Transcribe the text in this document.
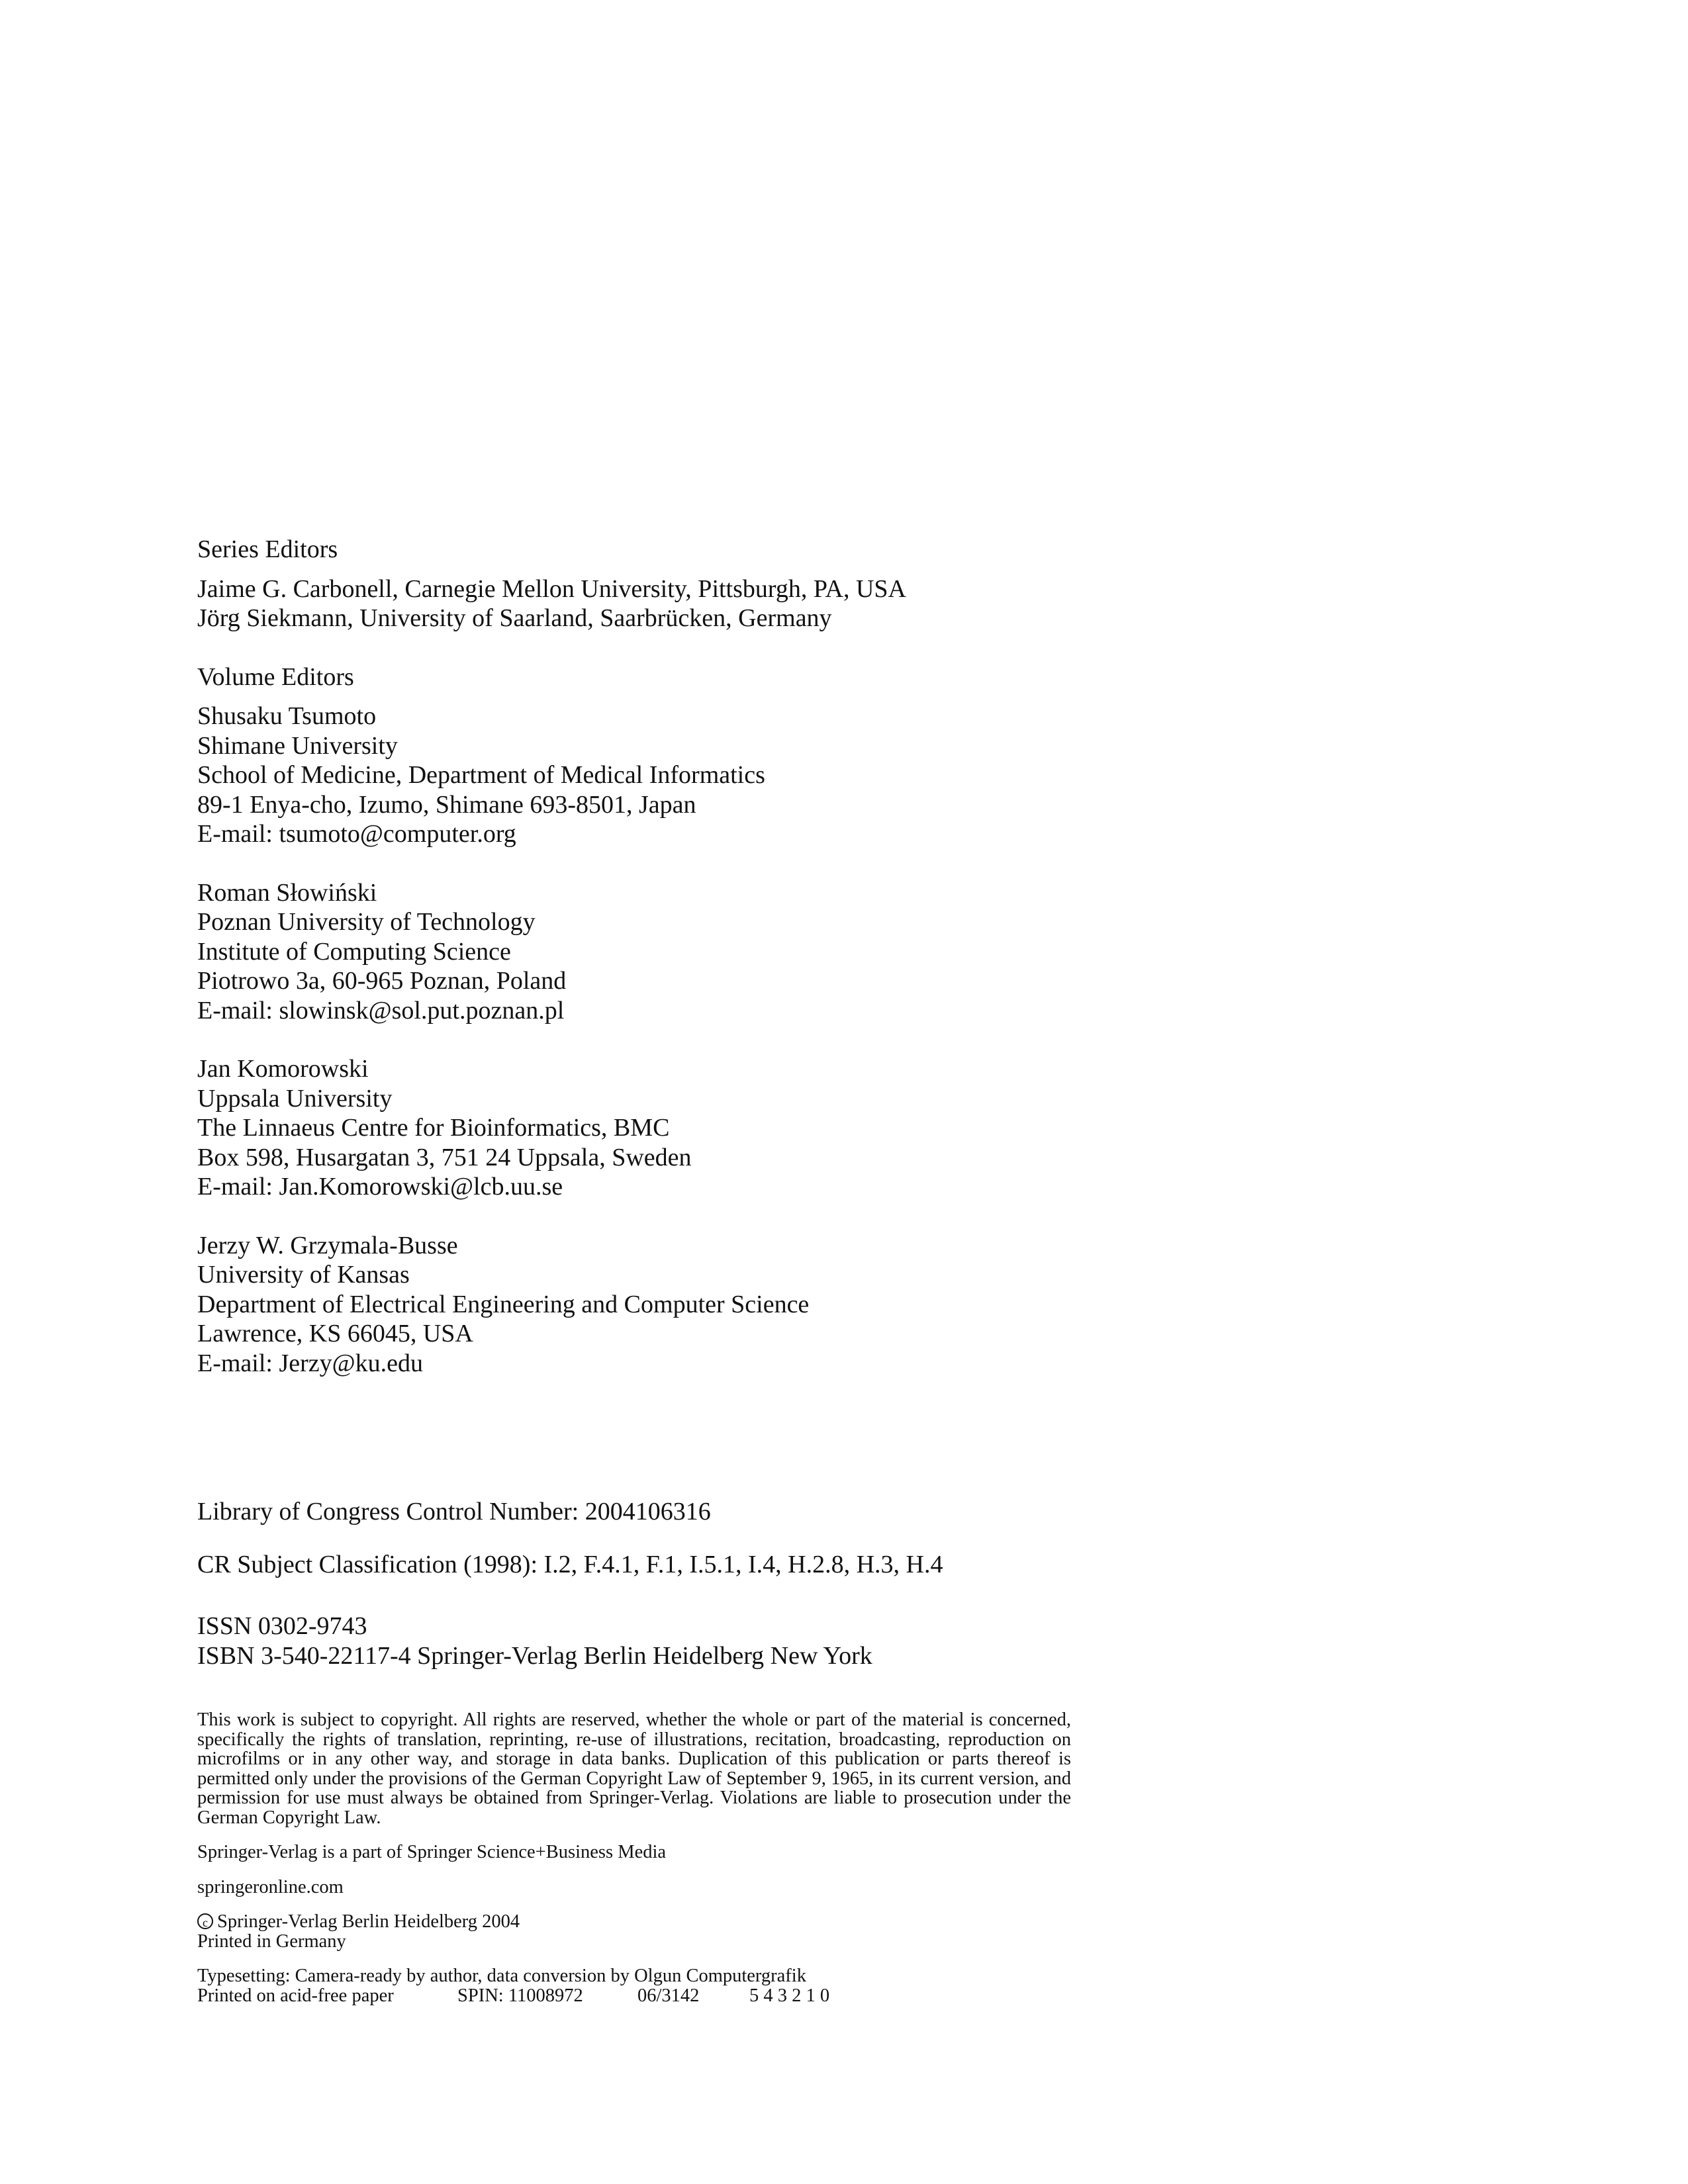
Series Editors
Jaime G. Carbonell, Carnegie Mellon University, Pittsburgh, PA, USA
Jörg Siekmann, University of Saarland, Saarbrücken, Germany
Volume Editors
Shusaku Tsumoto
Shimane University
School of Medicine, Department of Medical Informatics
89-1 Enya-cho, Izumo, Shimane 693-8501, Japan
E-mail: tsumoto@computer.org
Roman Słowiński
Poznan University of Technology
Institute of Computing Science
Piotrowo 3a, 60-965 Poznan, Poland
E-mail: slowinsk@sol.put.poznan.pl
Jan Komorowski
Uppsala University
The Linnaeus Centre for Bioinformatics, BMC
Box 598, Husargatan 3, 751 24 Uppsala, Sweden
E-mail: Jan.Komorowski@lcb.uu.se
Jerzy W. Grzymala-Busse
University of Kansas
Department of Electrical Engineering and Computer Science
Lawrence, KS 66045, USA
E-mail: Jerzy@ku.edu
Library of Congress Control Number: 2004106316
CR Subject Classification (1998): I.2, F.4.1, F.1, I.5.1, I.4, H.2.8, H.3, H.4
ISSN 0302-9743
ISBN 3-540-22117-4 Springer-Verlag Berlin Heidelberg New York
This work is subject to copyright. All rights are reserved, whether the whole or part of the material is concerned, specifically the rights of translation, reprinting, re-use of illustrations, recitation, broadcasting, reproduction on microfilms or in any other way, and storage in data banks. Duplication of this publication or parts thereof is permitted only under the provisions of the German Copyright Law of September 9, 1965, in its current version, and permission for use must always be obtained from Springer-Verlag. Violations are liable to prosecution under the German Copyright Law.
Springer-Verlag is a part of Springer Science+Business Media
springeronline.com
c Springer-Verlag Berlin Heidelberg 2004
Printed in Germany
Typesetting: Camera-ready by author, data conversion by Olgun Computergrafik
Printed on acid-free paper	SPIN: 11008972	06/3142	5 4 3 2 1 0
